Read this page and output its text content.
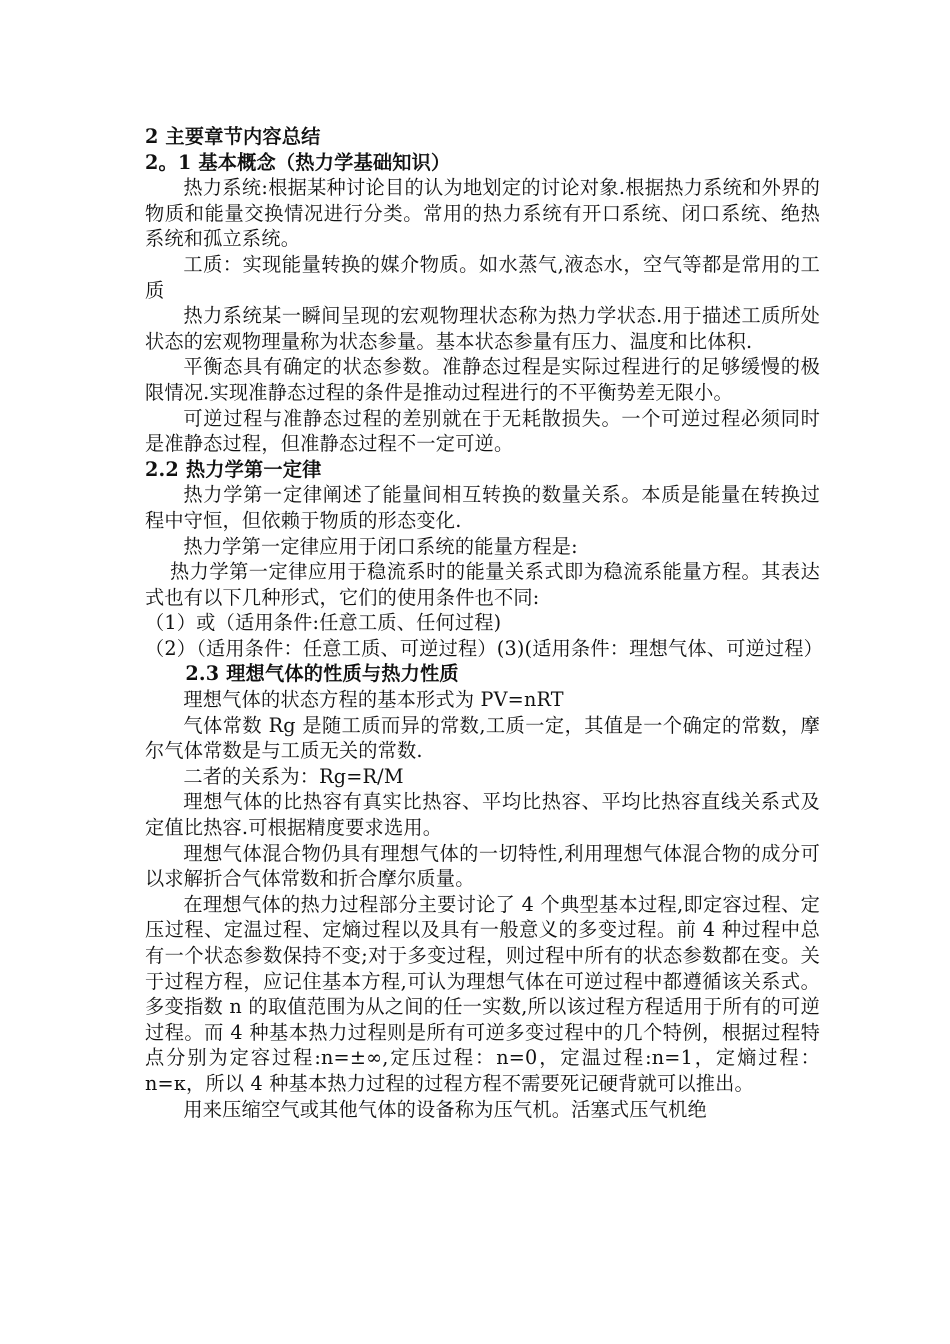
2 主要章节内容总结

2。1 基本概念（热力学基础知识）

热力系统:根据某种讨论目的认为地划定的讨论对象.根据热力系统和外界的物质和能量交换情况进行分类。常用的热力系统有开口系统、闭口系统、绝热系统和孤立系统。

工质：实现能量转换的媒介物质。如水蒸气,液态水，空气等都是常用的工质

热力系统某一瞬间呈现的宏观物理状态称为热力学状态.用于描述工质所处状态的宏观物理量称为状态参量。基本状态参量有压力、温度和比体积.

平衡态具有确定的状态参数。准静态过程是实际过程进行的足够缓慢的极限情况.实现准静态过程的条件是推动过程进行的不平衡势差无限小。

可逆过程与准静态过程的差别就在于无耗散损失。一个可逆过程必须同时是准静态过程，但准静态过程不一定可逆。

2.2 热力学第一定律

热力学第一定律阐述了能量间相互转换的数量关系。本质是能量在转换过程中守恒，但依赖于物质的形态变化.

热力学第一定律应用于闭口系统的能量方程是:

热力学第一定律应用于稳流系时的能量关系式即为稳流系能量方程。其表达式也有以下几种形式，它们的使用条件也不同:

（1）或（适用条件:任意工质、任何过程)

（2）（适用条件：任意工质、可逆过程）(3)(适用条件：理想气体、可逆过程）

2.3 理想气体的性质与热力性质

理想气体的状态方程的基本形式为 PV=nRT

气体常数 Rg 是随工质而异的常数,工质一定，其值是一个确定的常数，摩尔气体常数是与工质无关的常数.

二者的关系为：Rg=R/M

理想气体的比热容有真实比热容、平均比热容、平均比热容直线关系式及定值比热容.可根据精度要求选用。

理想气体混合物仍具有理想气体的一切特性,利用理想气体混合物的成分可以求解折合气体常数和折合摩尔质量。

在理想气体的热力过程部分主要讨论了 4 个典型基本过程,即定容过程、定压过程、定温过程、定熵过程以及具有一般意义的多变过程。前 4 种过程中总有一个状态参数保持不变;对于多变过程，则过程中所有的状态参数都在变。关于过程方程，应记住基本方程,可认为理想气体在可逆过程中都遵循该关系式。多变指数 n 的取值范围为从之间的任一实数,所以该过程方程适用于所有的可逆过程。而 4 种基本热力过程则是所有可逆多变过程中的几个特例，根据过程特点分别为定容过程:n=±∞,定压过程：n=0，定温过程:n=1，定熵过程：n=κ，所以 4 种基本热力过程的过程方程不需要死记硬背就可以推出。

用来压缩空气或其他气体的设备称为压气机。活塞式压气机绝
